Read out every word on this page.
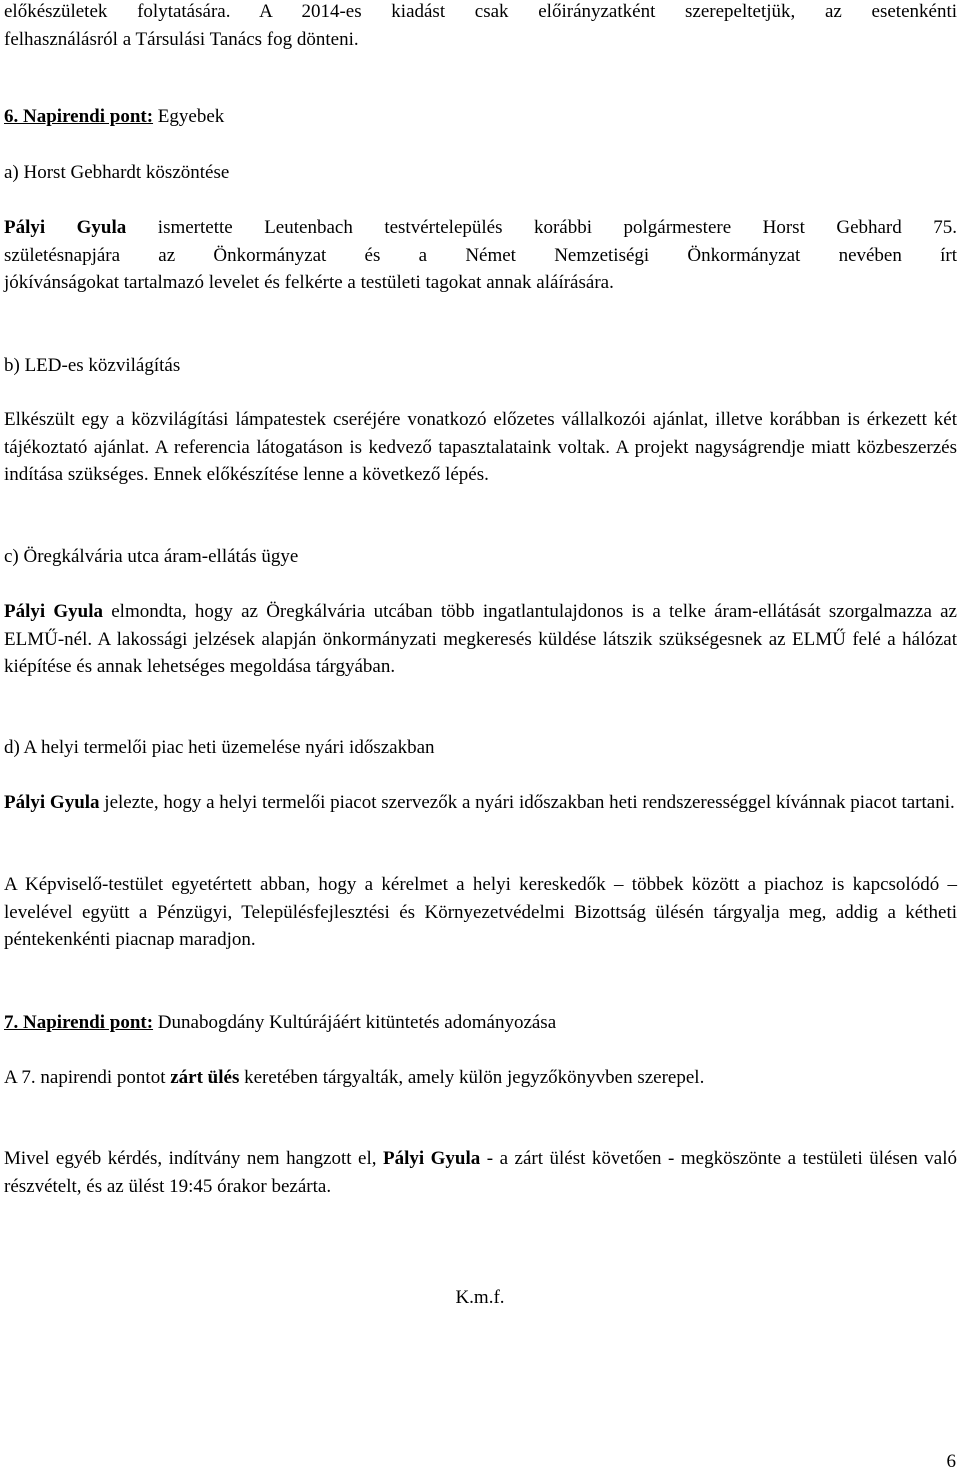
előkészületek folytatására. A 2014-es kiadást csak előirányzatként szerepeltetjük, az esetenkénti
felhasználásról a Társulási Tanács fog dönteni.

6. Napirendi pont: Egyebek

a) Horst Gebhardt köszöntése

Pályi Gyula ismertette Leutenbach testvértelepülés korábbi polgármestere Horst Gebhard 75.
születésnapjára az Önkormányzat és a Német Nemzetiségi Önkormányzat nevében írt
jókívánságokat tartalmazó levelet és felkérte a testületi tagokat annak aláírására.

b) LED-es közvilágítás

Elkészült egy a közvilágítási lámpatestek cseréjére vonatkozó előzetes vállalkozói ajánlat, illetve korábban is érkezett két tájékoztató ajánlat. A referencia látogatáson is kedvező tapasztalataink voltak. A projekt nagyságrendje miatt közbeszerzés indítása szükséges. Ennek előkészítése lenne a következő lépés.

c) Öregkálvária utca áram-ellátás ügye

Pályi Gyula elmondta, hogy az Öregkálvária utcában több ingatlantulajdonos is a telke áram-ellátását szorgalmazza az ELMŰ-nél. A lakossági jelzések alapján önkormányzati megkeresés küldése látszik szükségesnek az ELMŰ felé a hálózat kiépítése és annak lehetséges megoldása tárgyában.

d) A helyi termelői piac heti üzemelése nyári időszakban

Pályi Gyula jelezte, hogy a helyi termelői piacot szervezők a nyári időszakban heti rendszerességgel kívánnak piacot tartani.

A Képviselő-testület egyetértett abban, hogy a kérelmet a helyi kereskedők – többek között a piachoz is kapcsolódó – levelével együtt a Pénzügyi, Településfejlesztési és Környezetvédelmi Bizottság ülésén tárgyalja meg, addig a kétheti péntekenkénti piacnap maradjon.

7. Napirendi pont: Dunabogdány Kultúrájáért kitüntetés adományozása

A 7. napirendi pontot zárt ülés keretében tárgyalták, amely külön jegyzőkönyvben szerepel.

Mivel egyéb kérdés, indítvány nem hangzott el, Pályi Gyula - a zárt ülést követően - megköszönte a testületi ülésen való részvételt, és az ülést 19:45 órakor bezárta.

K.m.f.
6
